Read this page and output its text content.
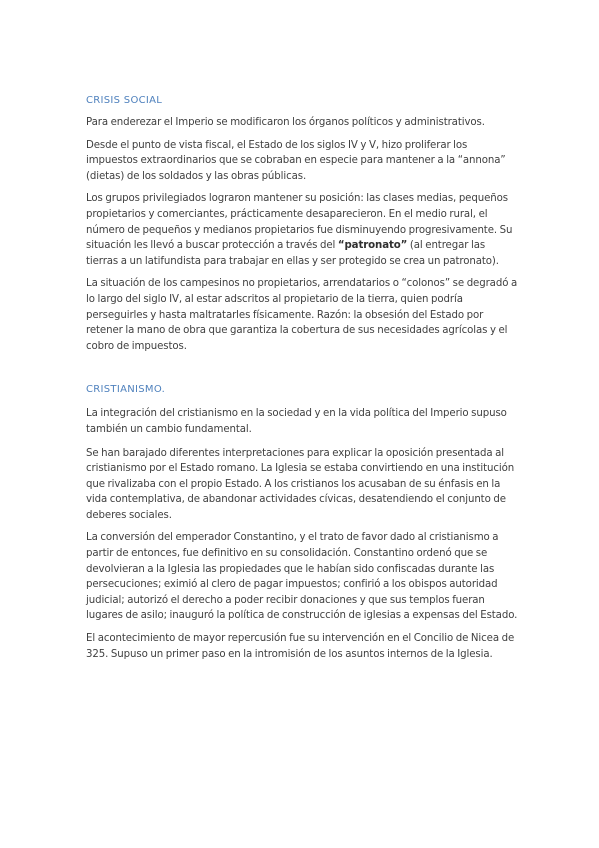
CRISIS SOCIAL

Para enderezar el Imperio se modificaron los órganos políticos y administrativos.

Desde el punto de vista fiscal, el Estado de los siglos IV y V, hizo proliferar los impuestos extraordinarios que se cobraban en especie para mantener a la “annona” (dietas) de los soldados y las obras públicas.

Los grupos privilegiados lograron mantener su posición: las clases medias, pequeños propietarios y comerciantes, prácticamente desaparecieron. En el medio rural, el número de pequeños y medianos propietarios fue disminuyendo progresivamente. Su situación les llevó a buscar protección a través del “patronato” (al entregar las tierras a un latifundista para trabajar en ellas y ser protegido se crea un patronato).

La situación de los campesinos no propietarios, arrendatarios o “colonos” se degradó a lo largo del siglo IV, al estar adscritos al propietario de la tierra, quien podría perseguirles y hasta maltratarles físicamente. Razón: la obsesión del Estado por retener la mano de obra que garantiza la cobertura de sus necesidades agrícolas y el cobro de impuestos.

CRISTIANISMO.

La integración del cristianismo en la sociedad y en la vida política del Imperio supuso también un cambio fundamental.

Se han barajado diferentes interpretaciones para explicar la oposición presentada al cristianismo por el Estado romano. La Iglesia se estaba convirtiendo en una institución que rivalizaba con el propio Estado. A los cristianos los acusaban de su énfasis en la vida contemplativa, de abandonar actividades cívicas, desatendiendo el conjunto de deberes sociales.

La conversión del emperador Constantino, y el trato de favor dado al cristianismo a partir de entonces, fue definitivo en su consolidación. Constantino ordenó que se devolvieran a la Iglesia las propiedades que le habían sido confiscadas durante las persecuciones; eximió al clero de pagar impuestos; confirió a los obispos autoridad judicial; autorizó el derecho a poder recibir donaciones y que sus templos fueran lugares de asilo; inauguró la política de construcción de iglesias a expensas del Estado.

El acontecimiento de mayor repercusión fue su intervención en el Concilio de Nicea de 325. Supuso un primer paso en la intromisión de los asuntos internos de la Iglesia.
